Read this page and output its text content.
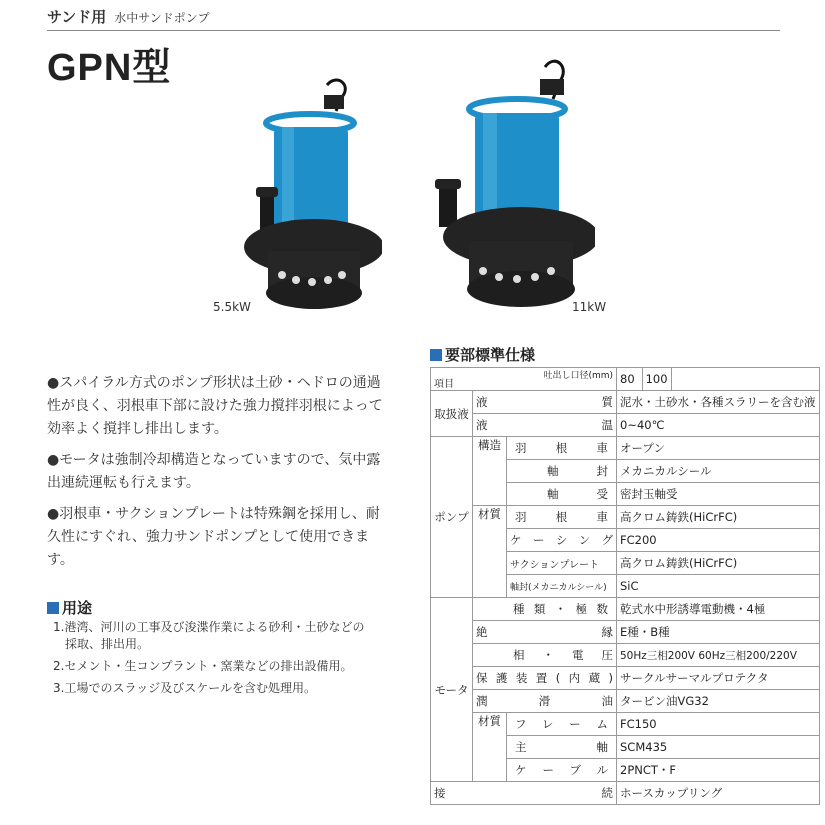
サンド用 水中サンドポンプ
GPN型
5.5kW	11kW
●スパイラル方式のポンプ形状は土砂・ヘドロの通過性が良く、羽根車下部に設けた強力撹拌羽根によって効率よく撹拌し排出します。
●モータは強制冷却構造となっていますので、気中露出連続運転も行えます。
●羽根車・サクションプレートは特殊鋼を採用し、耐久性にすぐれ、強力サンドポンプとして使用できます。
用途
1.港湾、河川の工事及び浚渫作業による砂利・土砂などの
採取、排出用。
2.セメント・生コンプラント・窯業などの排出設備用。
3.工場でのスラッジ及びスケールを含む処理用。
要部標準仕様
吐出し口径(mm)
項目			80	100
取扱液	液質		泥水・土砂水・各種スラリーを含む液	
	液温		0~40℃	
ポンプ	構造	羽根車	オープン	
		軸封	メカニカルシール	
		軸受	密封玉軸受	
	材質	羽根車	高クロム鋳鉄(HiCrFC)	
		ケーシング	FC200	
		サクションプレート	高クロム鋳鉄(HiCrFC)	
		軸封(メカニカルシール)	SiC	
モータ	種類・極数		乾式水中形誘導電動機・4極	
	絶縁		E種・B種	
	相・電圧		50Hz三相200V 60Hz三相200/220V	
	保護装置(内蔵)		サークルサーマルプロテクタ	
	潤滑油		タービン油VG32	
	材質	フレーム	FC150	
		主軸	SCM435	
		ケーブル	2PNCT・F	
接続			ホースカップリング	
